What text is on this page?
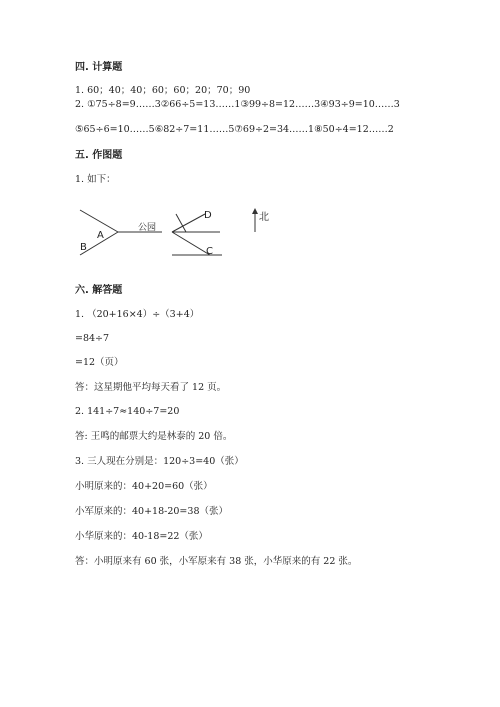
四. 计算题
1. 60；40；40；60；60；20；70；90
2. ①75÷8=9……3②66÷5=13……1③99÷8=12……3④93÷9=10……3
⑤65÷6=10……5⑥82÷7=11……5⑦69÷2=34……1⑧50÷4=12……2
五. 作图题
1. 如下：
A
B
公园
D
C
北
六. 解答题
1. （20+16×4）÷（3+4）
=84÷7
=12（页）
答：这星期他平均每天看了 12 页。
2. 141÷7≈140÷7=20
答: 王鸣的邮票大约是林泰的 20 倍。
3. 三人现在分别是：120÷3=40（张）
小明原来的：40+20=60（张）
小军原来的：40+18-20=38（张）
小华原来的：40-18=22（张）
答：小明原来有 60 张，小军原来有 38 张，小华原来的有 22 张。
